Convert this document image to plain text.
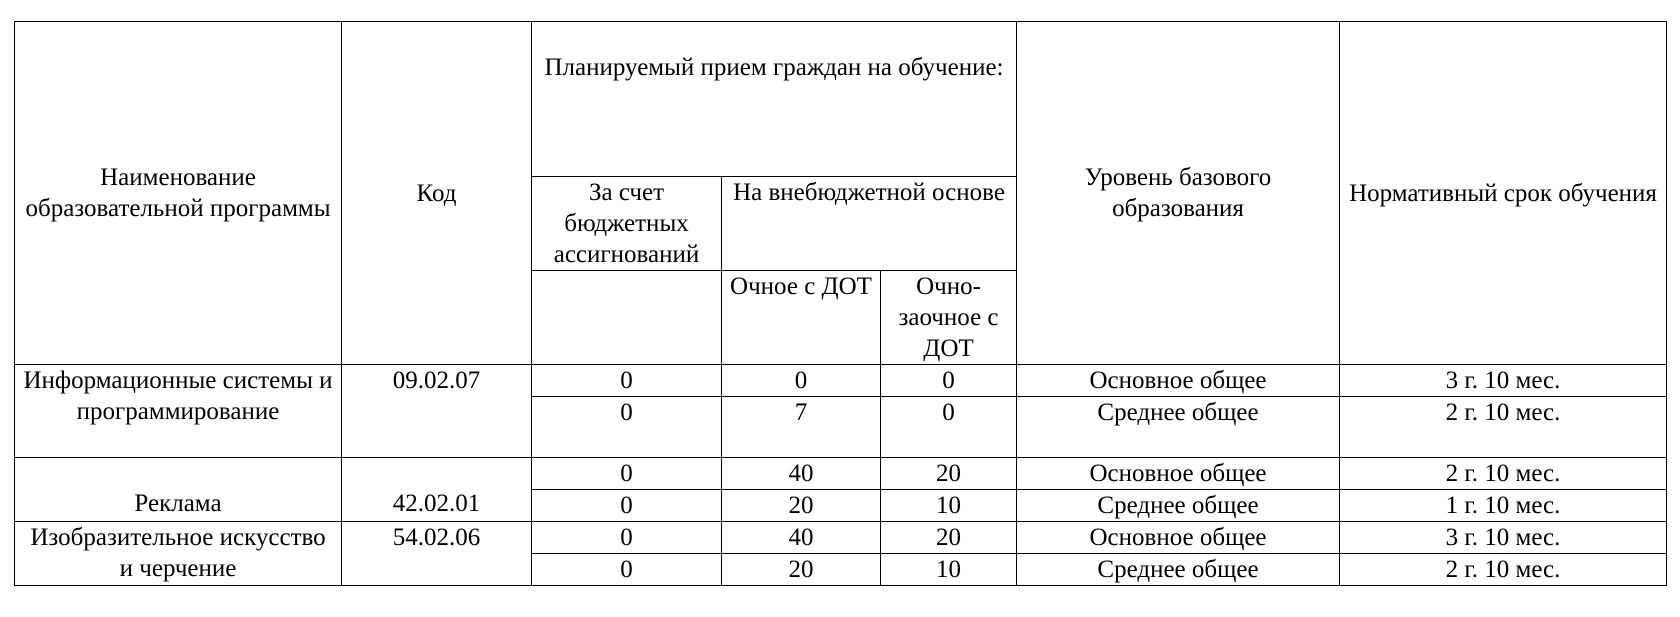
Наименование образовательной программы	Код	Планируемый прием граждан на обучение:			Уровень базового образования	Нормативный срок обучения
		За счет бюджетных ассигнований	На внебюджетной основе			
			Очное с ДОТ	Очно-заочное с ДОТ		
Информационные системы и программирование	09.02.07	0	0	0	Основное общее	3 г. 10 мес.
		0	7	0	Среднее общее	2 г. 10 мес.
Реклама	42.02.01	0	40	20	Основное общее	2 г. 10 мес.
		0	20	10	Среднее общее	1 г. 10 мес.
Изобразительное искусство и черчение	54.02.06	0	40	20	Основное общее	3 г. 10 мес.
		0	20	10	Среднее общее	2 г. 10 мес.
